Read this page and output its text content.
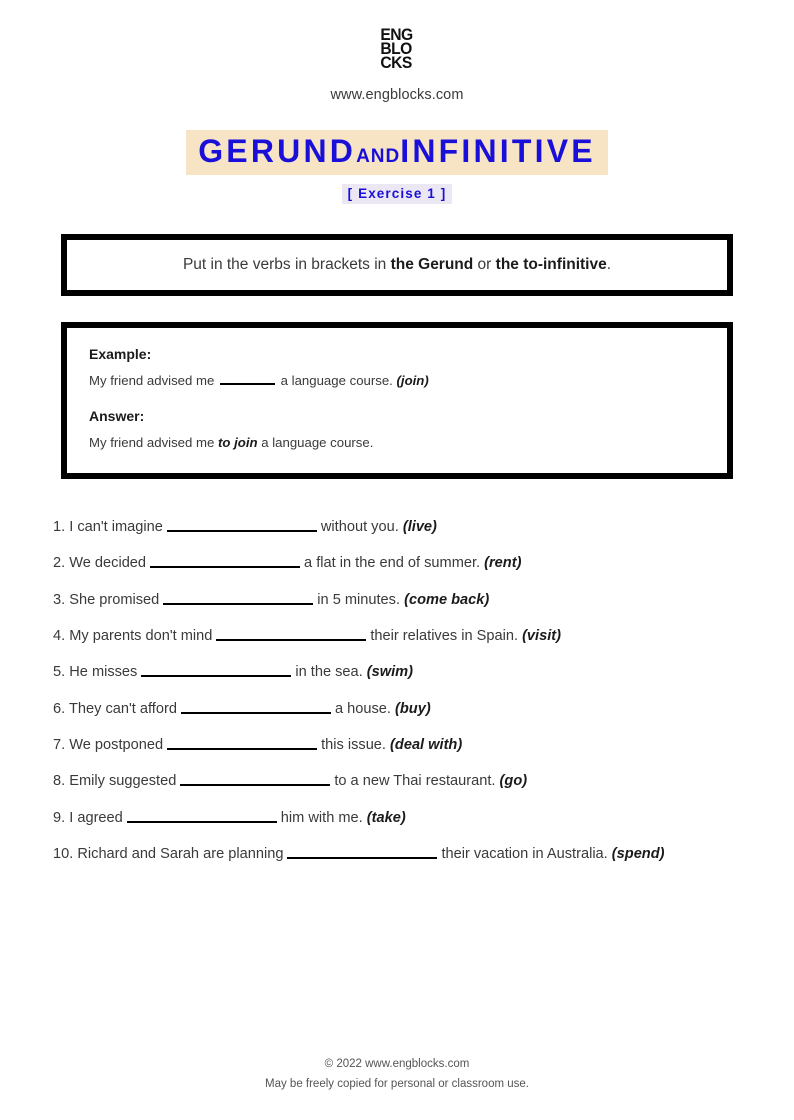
ENG
BLO
CKS
www.engblocks.com
GERUNDANDINFINITIVE
[ Exercise 1 ]
Put in the verbs in brackets in the Gerund or the to-infinitive.

Example:

My friend advised me	a language course. (join)

Answer:

My friend advised me to join a language course.

1. I can't imagine	without you. (live)
2. We decided	a flat in the end of summer. (rent)
3. She promised	in 5 minutes. (come back)
4. My parents don't mind	their relatives in Spain. (visit)
5. He misses	in the sea. (swim)
6. They can't afford	a house. (buy)
7. We postponed	this issue. (deal with)
8. Emily suggested	to a new Thai restaurant. (go)
9. I agreed	him with me. (take)
10. Richard and Sarah are planning	their vacation in Australia. (spend)
© 2022 www.engblocks.com
May be freely copied for personal or classroom use.
